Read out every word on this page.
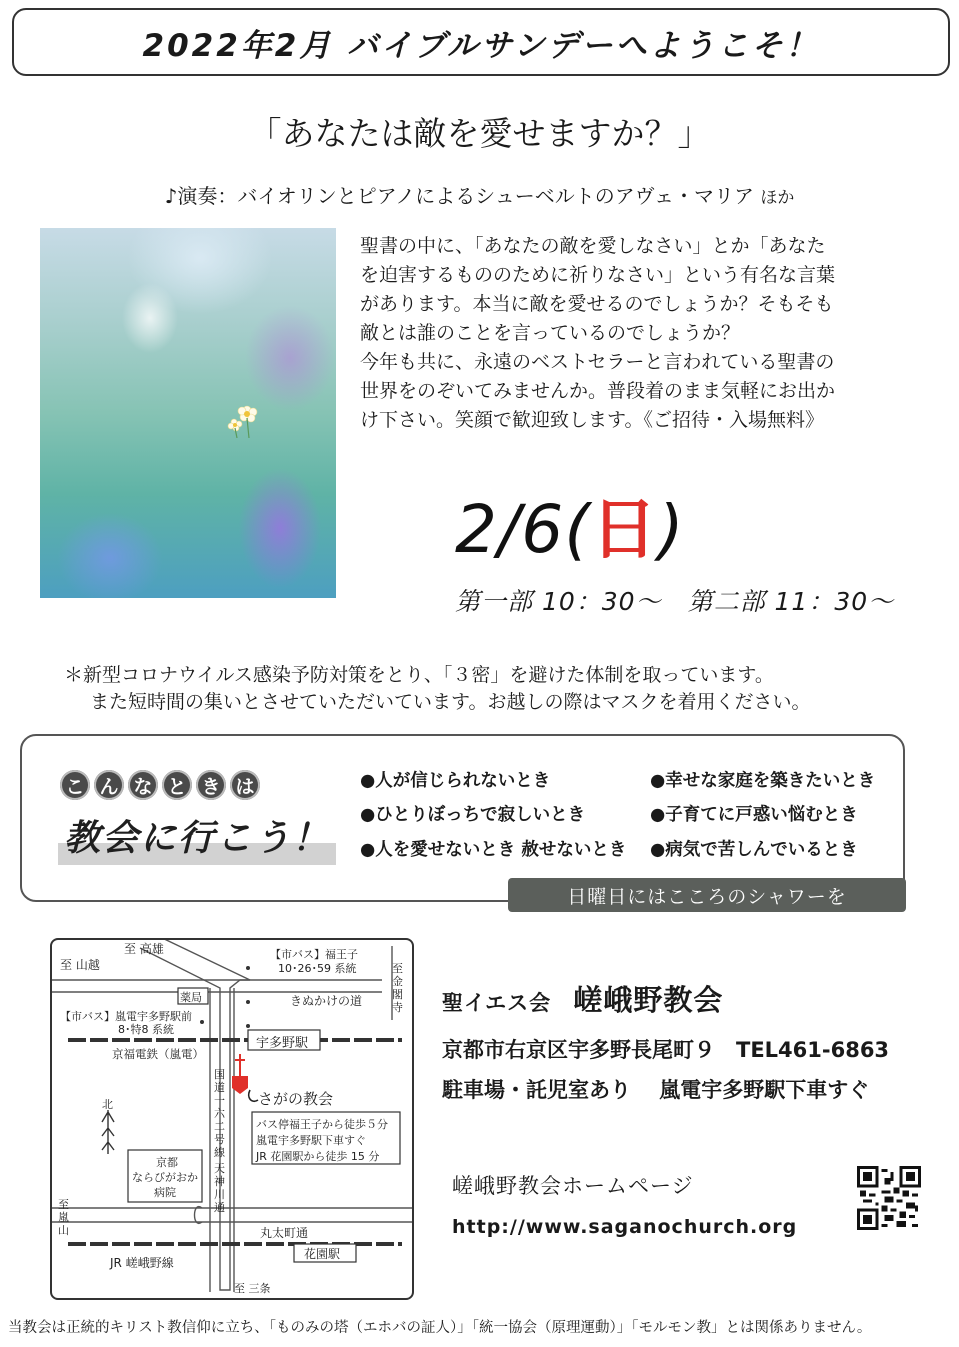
2022年2月 バイブルサンデーへようこそ！
「あなたは敵を愛せますか？」
♪演奏：バイオリンとピアノによるシューベルトのアヴェ・マリア ほか
聖書の中に、「あなたの敵を愛しなさい」とか「あなた
を迫害するもののために祈りなさい」という有名な言葉
があります。本当に敵を愛せるのでしょうか？そもそも
敵とは誰のことを言っているのでしょうか？
今年も共に、永遠のベストセラーと言われている聖書の
世界をのぞいてみませんか。普段着のまま気軽にお出か
け下さい。笑顔で歓迎致します。《ご招待・入場無料》
2/6(日)
第一部 10：30～　第二部 11：30～
＊新型コロナウイルス感染予防対策をとり、「３密」を避けた体制を取っています。
また短時間の集いとさせていただいています。お越しの際はマスクを着用ください。
こ ん な と き は
教会に行こう！
●人が信じられないとき
●ひとりぼっちで寂しいとき
●人を愛せないとき 赦せないとき
●幸せな家庭を築きたいとき
●子育てに戸惑い悩むとき
●病気で苦しんでいるとき
日曜日にはこころのシャワーを
至 高雄
至 山越
【市バス】福王子
10･26･59 系統	至 金閣寺
きぬかけの道
薬局
【市バス】嵐電宇多野駅前
8･特8 系統
宇多野駅
京福電鉄（嵐電）
国道一六二号線
天神川通
さがの教会
北
バス停福王子から徒歩５分
嵐電宇多野駅下車すぐ
JR 花園駅から徒歩 15 分
京都
ならびがおか
病院
至 嵐山	丸太町通
花園駅
JR 嵯峨野線
至 三条
聖イエス会 嵯峨野教会
京都市右京区宇多野長尾町９　TEL461-6863
駐車場・託児室あり　 嵐電宇多野駅下車すぐ
嵯峨野教会ホームページ
http://www.saganochurch.org
当教会は正統的キリスト教信仰に立ち、「ものみの塔（エホバの証人）」「統一協会（原理運動）」「モルモン教」とは関係ありません。
